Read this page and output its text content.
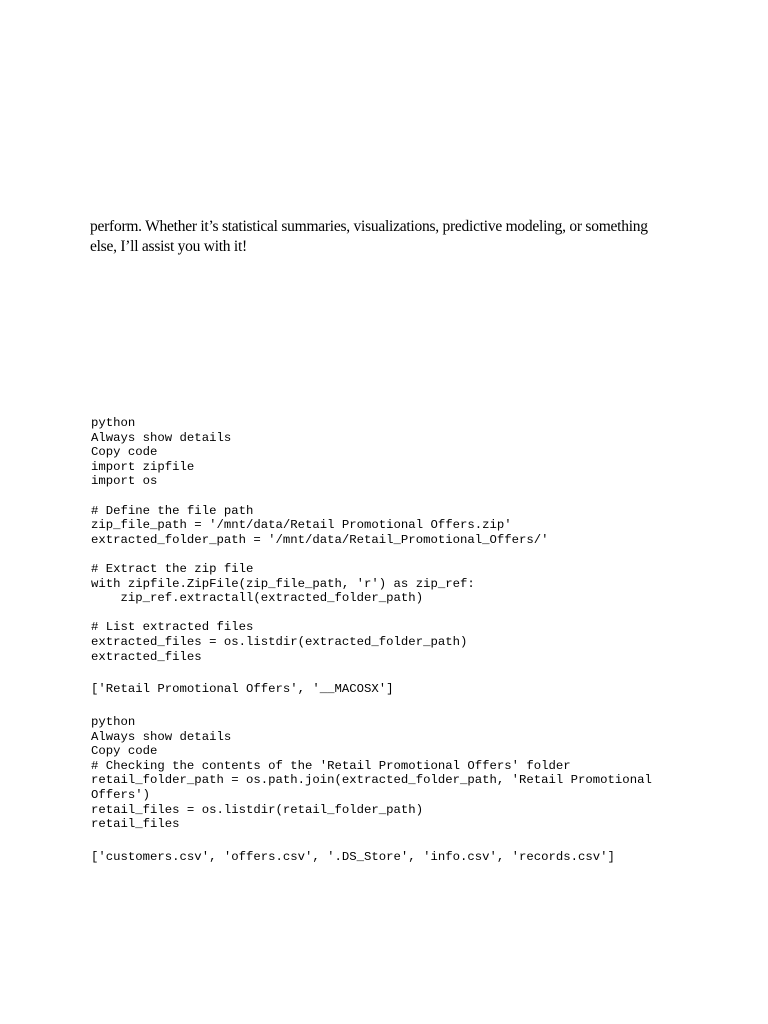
perform. Whether it’s statistical summaries, visualizations, predictive modeling, or something
else, I’ll assist you with it!
python
Always show details
Copy code
import zipfile
import os
# Define the file path
zip_file_path = '/mnt/data/Retail Promotional Offers.zip'
extracted_folder_path = '/mnt/data/Retail_Promotional_Offers/'
# Extract the zip file
with zipfile.ZipFile(zip_file_path, 'r') as zip_ref:
zip_ref.extractall(extracted_folder_path)
# List extracted files
extracted_files = os.listdir(extracted_folder_path)
extracted_files
['Retail Promotional Offers', '__MACOSX']
python
Always show details
Copy code
# Checking the contents of the 'Retail Promotional Offers' folder
retail_folder_path = os.path.join(extracted_folder_path, 'Retail Promotional
Offers')
retail_files = os.listdir(retail_folder_path)
retail_files
['customers.csv', 'offers.csv', '.DS_Store', 'info.csv', 'records.csv']
